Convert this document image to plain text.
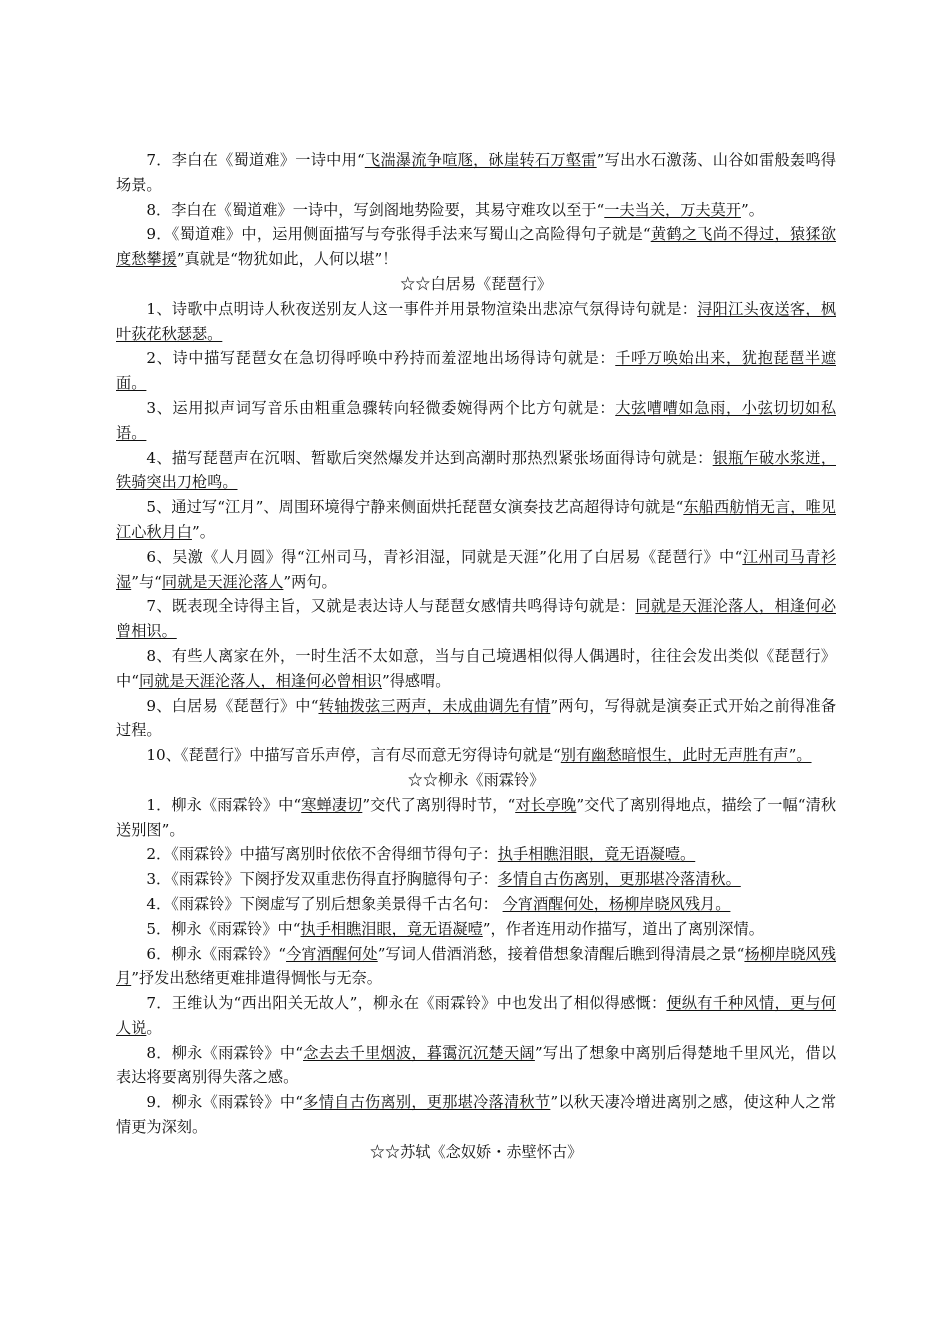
7．李白在《蜀道难》一诗中用“飞湍瀑流争喧豗，砯崖转石万壑雷”写出水石激荡、山谷如雷般轰鸣得场景。

8．李白在《蜀道难》一诗中，写剑阁地势险要，其易守难攻以至于“一夫当关，万夫莫开”。

9．《蜀道难》中，运用侧面描写与夸张得手法来写蜀山之高险得句子就是“黄鹤之飞尚不得过，猿猱欲度愁攀援”真就是“物犹如此，人何以堪”！

☆☆白居易《琵琶行》

1、诗歌中点明诗人秋夜送别友人这一事件并用景物渲染出悲凉气氛得诗句就是：浔阳江头夜送客，枫叶荻花秋瑟瑟。

2、诗中描写琵琶女在急切得呼唤中矜持而羞涩地出场得诗句就是：千呼万唤始出来，犹抱琵琶半遮面。

3、运用拟声词写音乐由粗重急骤转向轻微委婉得两个比方句就是：大弦嘈嘈如急雨，小弦切切如私语。

4、描写琵琶声在沉咽、暂歇后突然爆发并达到高潮时那热烈紧张场面得诗句就是：银瓶乍破水浆迸，铁骑突出刀枪鸣。

5、通过写“江月”、周围环境得宁静来侧面烘托琵琶女演奏技艺高超得诗句就是“东船西舫悄无言，唯见江心秋月白”。

6、吴激《人月圆》得“江州司马，青衫泪湿，同就是天涯”化用了白居易《琵琶行》中“江州司马青衫湿”与“同就是天涯沦落人”两句。

7、既表现全诗得主旨，又就是表达诗人与琵琶女感情共鸣得诗句就是：同就是天涯沦落人，相逢何必曾相识。

8、有些人离家在外，一时生活不太如意，当与自己境遇相似得人偶遇时，往往会发出类似《琵琶行》中“同就是天涯沦落人，相逢何必曾相识”得感喟。

9、白居易《琵琶行》中“转轴拨弦三两声，未成曲调先有情”两句，写得就是演奏正式开始之前得准备过程。

10、《琵琶行》中描写音乐声停，言有尽而意无穷得诗句就是“别有幽愁暗恨生，此时无声胜有声”。

☆☆柳永《雨霖铃》

1．柳永《雨霖铃》中“寒蝉凄切”交代了离别得时节，“对长亭晚”交代了离别得地点，描绘了一幅“清秋送别图”。

2．《雨霖铃》中描写离别时依依不舍得细节得句子：执手相瞧泪眼，竟无语凝噎。

3．《雨霖铃》下阕抒发双重悲伤得直抒胸臆得句子：多情自古伤离别，更那堪冷落清秋。

4．《雨霖铃》下阕虚写了别后想象美景得千古名句： 今宵酒醒何处，杨柳岸晓风残月。

5．柳永《雨霖铃》中“执手相瞧泪眼，竟无语凝噎”，作者连用动作描写，道出了离别深情。

6．柳永《雨霖铃》“今宵酒醒何处”写词人借酒消愁，接着借想象清醒后瞧到得清晨之景“杨柳岸晓风残月”抒发出愁绪更难排遣得惆怅与无奈。

7．王维认为“西出阳关无故人”，柳永在《雨霖铃》中也发出了相似得感慨：便纵有千种风情，更与何人说。

8．柳永《雨霖铃》中“念去去千里烟波，暮霭沉沉楚天阔”写出了想象中离别后得楚地千里风光，借以表达将要离别得失落之感。

9．柳永《雨霖铃》中“多情自古伤离别，更那堪冷落清秋节”以秋天凄冷增进离别之感，使这种人之常情更为深刻。

☆☆苏轼《念奴娇・赤壁怀古》
